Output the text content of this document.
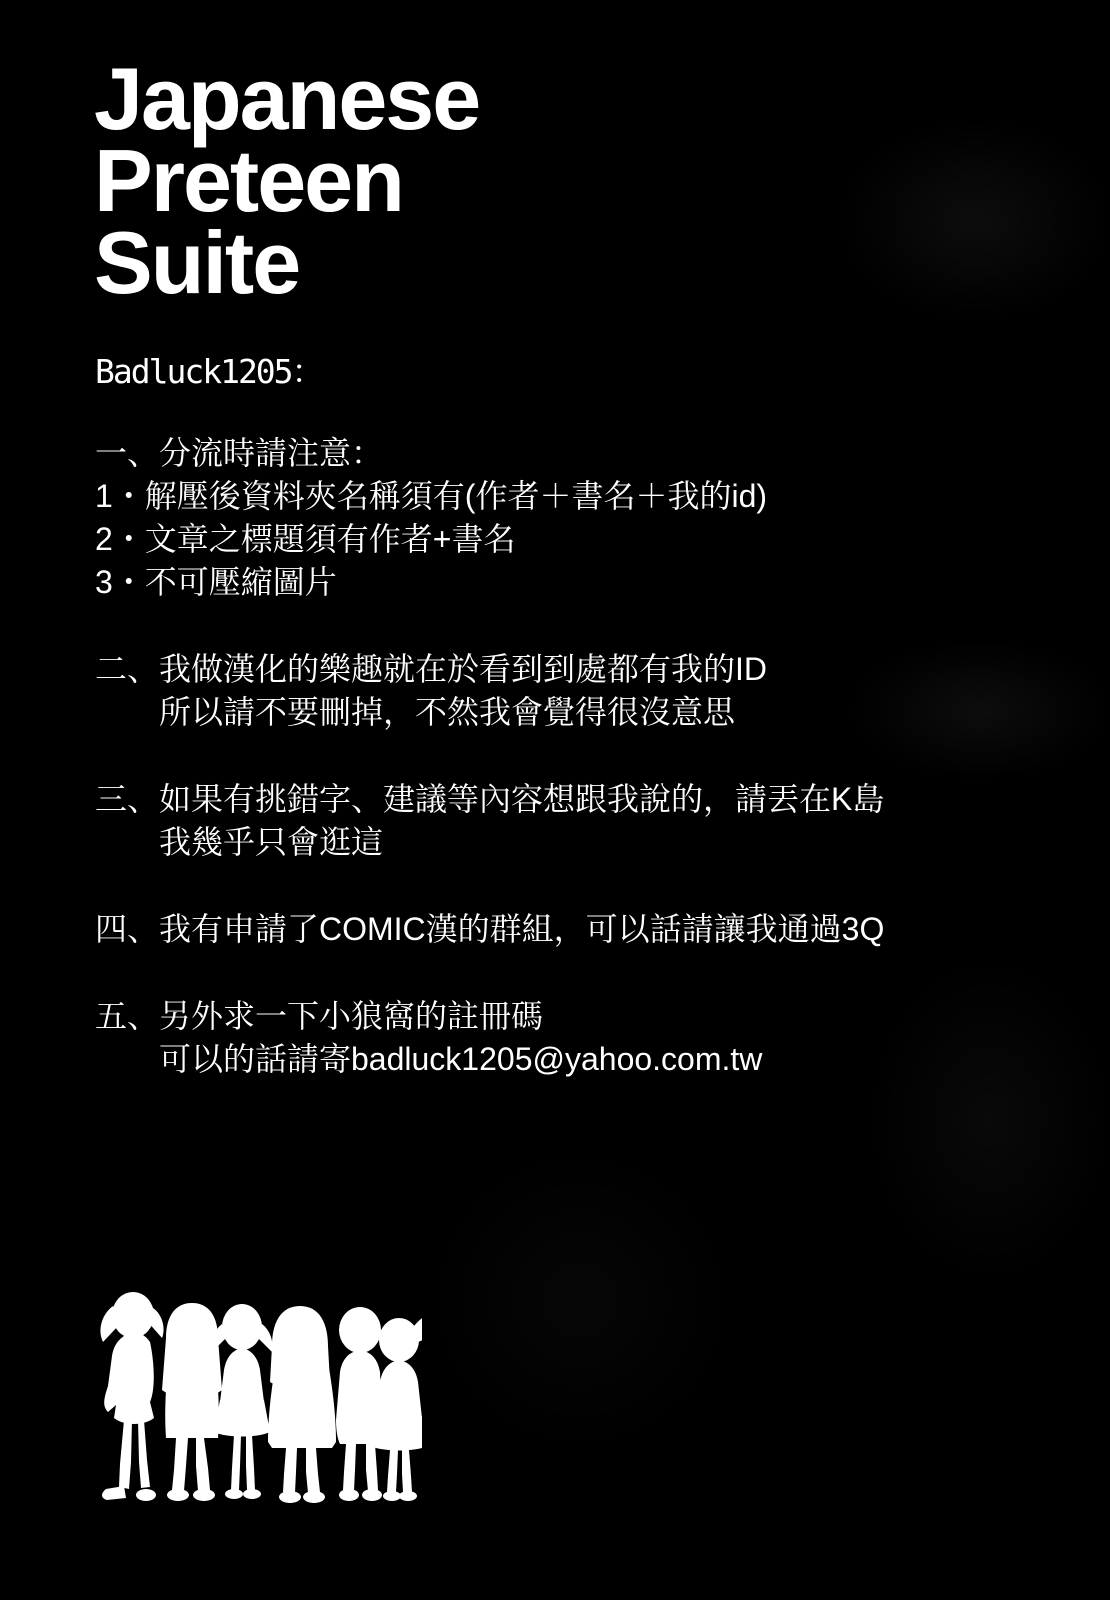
Japanese
Preteen
Suite
Badluck1205：
一、分流時請注意：
1・解壓後資料夾名稱須有(作者＋書名＋我的id)
2・文章之標題須有作者+書名
3・不可壓縮圖片
二、我做漢化的樂趣就在於看到到處都有我的ID
所以請不要刪掉，不然我會覺得很沒意思
三、如果有挑錯字、建議等內容想跟我說的，請丟在K島
我幾乎只會逛這
四、我有申請了COMIC漢的群組，可以話請讓我通過3Q
五、另外求一下小狼窩的註冊碼
可以的話請寄badluck1205@yahoo.com.tw
